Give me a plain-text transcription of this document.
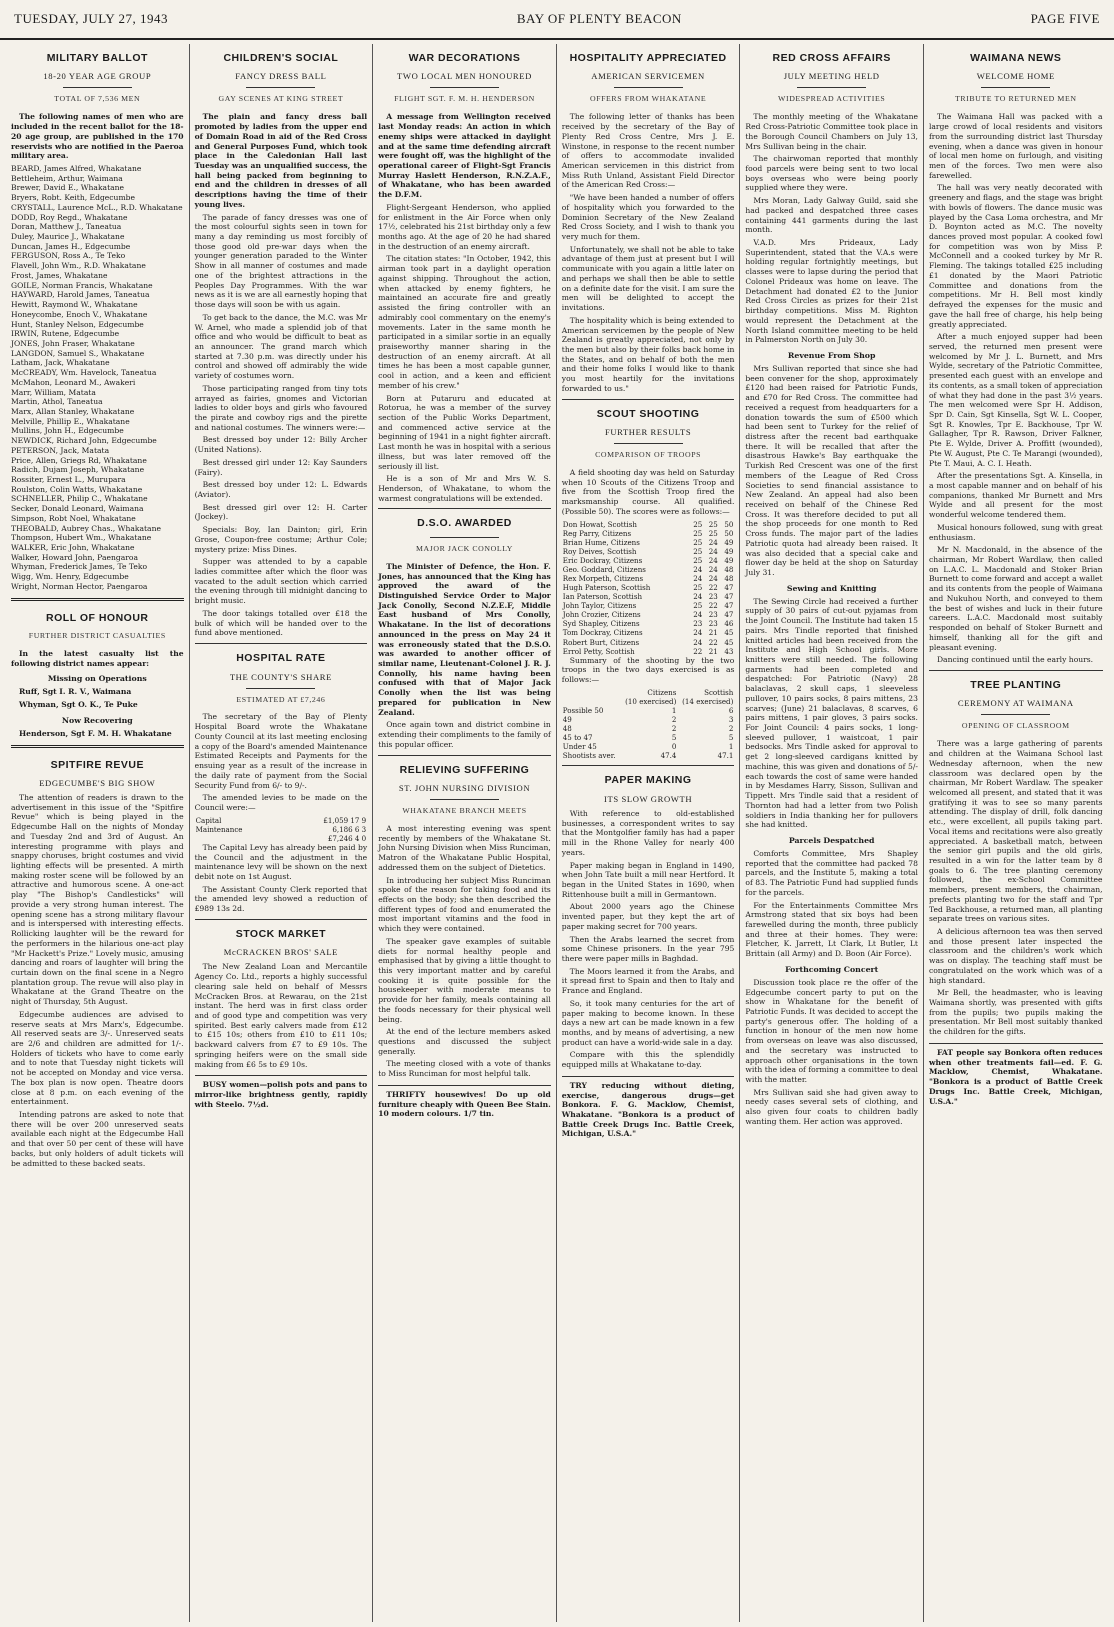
TUESDAY, JULY 27, 1943	BAY OF PLENTY BEACON	PAGE FIVE
MILITARY BALLOT
18-20 YEAR AGE GROUP
TOTAL OF 7,536 MEN

The following names of men who are included in the recent ballot for the 18-20 age group, are published in the 170 reservists who are notified in the Paeroa military area.

BEARD, James Alfred, Whakatane

Bettleheim, Arthur, Waimana

Brewer, David E., Whakatane

Bryers, Robt. Keith, Edgecumbe

CRYSTALL, Laurence McL., R.D. Whakatane

DODD, Roy Regd., Whakatane

Doran, Matthew J., Taneatua

Duley, Maurice J., Whakatane

Duncan, James H., Edgecumbe

FERGUSON, Ross A., Te Teko

Flavell, John Wm., R.D. Whakatane

Frost, James, Whakatane

GOILE, Norman Francis, Whakatane

HAYWARD, Harold James, Taneatua

Hewitt, Raymond W., Whakatane

Honeycombe, Enoch V., Whakatane

Hunt, Stanley Nelson, Edgecumbe

IRWIN, Rutene, Edgecumbe

JONES, John Fraser, Whakatane

LANGDON, Samuel S., Whakatane

Latham, Jack, Whakatane

McCREADY, Wm. Havelock, Taneatua

McMahon, Leonard M., Awakeri

Marr, William, Matata

Martin, Athol, Taneatua

Marx, Allan Stanley, Whakatane

Melville, Phillip E., Whakatane

Mullins, John H., Edgecumbe

NEWDICK, Richard John, Edgecumbe

PETERSON, Jack, Matata

Price, Allen, Griegs Rd, Whakatane

Radich, Dujam Joseph, Whakatane

Rossiter, Ernest L., Murupara

Roulston, Colin Watts, Whakatane

SCHNELLER, Philip C., Whakatane

Secker, Donald Leonard, Waimana

Simpson, Robt Noel, Whakatane

THEOBALD, Aubrey Chas., Whakatane

Thompson, Hubert Wm., Whakatane

WALKER, Eric John, Whakatane

Walker, Howard John, Paengaroa

Whyman, Frederick James, Te Teko

Wigg, Wm. Henry, Edgecumbe

Wright, Norman Hector, Paengaroa

ROLL OF HONOUR
FURTHER DISTRICT CASUALTIES

In the latest casualty list the following district names appear:

Missing on Operations

Ruff, Sgt I. R. V., Waimana

Whyman, Sgt O. K., Te Puke

Now Recovering

Henderson, Sgt F. M. H. Whakatane

SPITFIRE REVUE
EDGECUMBE'S BIG SHOW

The attention of readers is drawn to the advertisement in this issue of the "Spitfire Revue" which is being played in the Edgecumbe Hall on the nights of Monday and Tuesday 2nd and 3rd of August. An interesting programme with plays and snappy choruses, bright costumes and vivid lighting effects will be presented. A mirth making roster scene will be followed by an attractive and humorous scene. A one-act play "The Bishop's Candlesticks" will provide a very strong human interest. The opening scene has a strong military flavour and is interspersed with interesting effects. Rollicking laughter will be the reward for the performers in the hilarious one-act play "Mr Hackett's Prize." Lovely music, amusing dancing and roars of laughter will bring the curtain down on the final scene in a Negro plantation group. The revue will also play in Whakatane at the Grand Theatre on the night of Thursday, 5th August.

Edgecumbe audiences are advised to reserve seats at Mrs Marx's, Edgecumbe. All reserved seats are 3/-. Unreserved seats are 2/6 and children are admitted for 1/-. Holders of tickets who have to come early and to note that Tuesday night tickets will not be accepted on Monday and vice versa. The box plan is now open. Theatre doors close at 8 p.m. on each evening of the entertainment.

Intending patrons are asked to note that there will be over 200 unreserved seats available each night at the Edgecumbe Hall and that over 50 per cent of these will have backs, but only holders of adult tickets will be admitted to these backed seats.

CHILDREN'S SOCIAL
FANCY DRESS BALL
GAY SCENES AT KING STREET

The plain and fancy dress ball promoted by ladies from the upper end of Domain Road in aid of the Red Cross and General Purposes Fund, which took place in the Caledonian Hall last Tuesday was an unqualified success, the hall being packed from beginning to end and the children in dresses of all descriptions having the time of their young lives.

The parade of fancy dresses was one of the most colourful sights seen in town for many a day reminding us most forcibly of those good old pre-war days when the younger generation paraded to the Winter Show in all manner of costumes and made one of the brightest attractions in the Peoples Day Programmes. With the war news as it is we are all earnestly hoping that those days will soon be with us again.

To get back to the dance, the M.C. was Mr W. Arnel, who made a splendid job of that office and who would be difficult to beat as an announcer. The grand march which started at 7.30 p.m. was directly under his control and showed off admirably the wide variety of costumes worn.

Those participating ranged from tiny tots arrayed as fairies, gnomes and Victorian ladies to older boys and girls who favoured the pirate and cowboy rigs and the pirette and national costumes. The winners were:—

Best dressed boy under 12: Billy Archer (United Nations).

Best dressed girl under 12: Kay Saunders (Fairy).

Best dressed boy under 12: L. Edwards (Aviator).

Best dressed girl over 12: H. Carter (Jockey).

Specials: Boy, Ian Dainton; girl, Erin Grose, Coupon-free costume; Arthur Cole; mystery prize: Miss Dines.

Supper was attended to by a capable ladies committee after which the floor was vacated to the adult section which carried the evening through till midnight dancing to bright music.

The door takings totalled over £18 the bulk of which will be handed over to the fund above mentioned.

HOSPITAL RATE
THE COUNTY'S SHARE
ESTIMATED AT £7,246

The secretary of the Bay of Plenty Hospital Board wrote the Whakatane County Council at its last meeting enclosing a copy of the Board's amended Maintenance Estimated Receipts and Payments for the ensuing year as a result of the increase in the daily rate of payment from the Social Security Fund from 6/- to 9/-.

The amended levies to be made on the Council were:—

Capital	£1,059 17 9
Maintenance	6,186 6 3
	£7,246 4 0

The Capital Levy has already been paid by the Council and the adjustment in the maintenance levy will be shown on the next debit note on 1st August.

The Assistant County Clerk reported that the amended levy showed a reduction of £989 13s 2d.

STOCK MARKET
McCRACKEN BROS' SALE

The New Zealand Loan and Mercantile Agency Co. Ltd., reports a highly successful clearing sale held on behalf of Messrs McCracken Bros. at Rewarau, on the 21st instant. The herd was in first class order and of good type and competition was very spirited. Best early calvers made from £12 to £15 10s; others from £10 to £11 10s; backward calvers from £7 to £9 10s. The springing heifers were on the small side making from £6 5s to £9 10s.

BUSY women—polish pots and pans to mirror-like brightness gently, rapidly with Steelo. 7½d.

WAR DECORATIONS
TWO LOCAL MEN HONOURED
FLIGHT SGT. F. M. H. HENDERSON

A message from Wellington received last Monday reads: An action in which enemy ships were attacked in daylight and at the same time defending aircraft were fought off, was the highlight of the operational career of Flight-Sgt Francis Murray Haslett Henderson, R.N.Z.A.F., of Whakatane, who has been awarded the D.F.M.

Flight-Sergeant Henderson, who applied for enlistment in the Air Force when only 17½, celebrated his 21st birthday only a few months ago. At the age of 20 he had shared in the destruction of an enemy aircraft.

The citation states: "In October, 1942, this airman took part in a daylight operation against shipping. Throughout the action, when attacked by enemy fighters, he maintained an accurate fire and greatly assisted the firing controller with an admirably cool commentary on the enemy's movements. Later in the same month he participated in a similar sortie in an equally praiseworthy manner sharing in the destruction of an enemy aircraft. At all times he has been a most capable gunner, cool in action, and a keen and efficient member of his crew."

Born at Putaruru and educated at Rotorua, he was a member of the survey section of the Public Works Department, and commenced active service at the beginning of 1941 in a night fighter aircraft. Last month he was in hospital with a serious illness, but was later removed off the seriously ill list.

He is a son of Mr and Mrs W. S. Henderson, of Whakatane, to whom the warmest congratulations will be extended.

D.S.O. AWARDED
MAJOR JACK CONOLLY

The Minister of Defence, the Hon. F. Jones, has announced that the King has approved the award of the Distinguished Service Order to Major Jack Conolly, Second N.Z.E.F, Middle East husband of Mrs Conolly, Whakatane. In the list of decorations announced in the press on May 24 it was erroneously stated that the D.S.O. was awarded to another officer of similar name, Lieutenant-Colonel J. R. J. Connolly, his name having been confused with that of Major Jack Conolly when the list was being prepared for publication in New Zealand.

Once again town and district combine in extending their compliments to the family of this popular officer.

RELIEVING SUFFERING
ST. JOHN NURSING DIVISION
WHAKATANE BRANCH MEETS

A most interesting evening was spent recently by members of the Whakatane St. John Nursing Division when Miss Runciman, Matron of the Whakatane Public Hospital, addressed them on the subject of Dietetics.

In introducing her subject Miss Runciman spoke of the reason for taking food and its effects on the body; she then described the different types of food and enumerated the most important vitamins and the food in which they were contained.

The speaker gave examples of suitable diets for normal healthy people and emphasised that by giving a little thought to this very important matter and by careful cooking it is quite possible for the housekeeper with moderate means to provide for her family, meals containing all the foods necessary for their physical well being.

At the end of the lecture members asked questions and discussed the subject generally.

The meeting closed with a vote of thanks to Miss Runciman for most helpful talk.

THRIFTY housewives! Do up old furniture cheaply with Queen Bee Stain. 10 modern colours. 1/7 tin.

HOSPITALITY APPRECIATED
AMERICAN SERVICEMEN
OFFERS FROM WHAKATANE

The following letter of thanks has been received by the secretary of the Bay of Plenty Red Cross Centre, Mrs J. E. Winstone, in response to the recent number of offers to accommodate invalided American servicemen in this district from Miss Ruth Unland, Assistant Field Director of the American Red Cross:—

"We have been handed a number of offers of hospitality which you forwarded to the Dominion Secretary of the New Zealand Red Cross Society, and I wish to thank you very much for them.

Unfortunately, we shall not be able to take advantage of them just at present but I will communicate with you again a little later on and perhaps we shall then be able to settle on a definite date for the visit. I am sure the men will be delighted to accept the invitations.

The hospitality which is being extended to American servicemen by the people of New Zealand is greatly appreciated, not only by the men but also by their folks back home in the States, and on behalf of both the men and their home folks I would like to thank you most heartily for the invitations forwarded to us."

SCOUT SHOOTING
FURTHER RESULTS
COMPARISON OF TROOPS

A field shooting day was held on Saturday when 10 Scouts of the Citizens Troop and five from the Scottish Troop fired the marksmanship course. All qualified. (Possible 50). The scores were as follows:—

Don Howat, Scottish	25	25	50
Reg Parry, Citizens	25	25	50
Brian Hume, Citizens	25	24	49
Roy Deives, Scottish	25	24	49
Eric Dockray, Citizens	25	24	49
Geo. Goddard, Citizens	24	24	48
Rex Morpeth, Citizens	24	24	48
Hugh Paterson, Scottish	25	22	47
Ian Paterson, Scottish	24	23	47
John Taylor, Citizens	25	22	47
John Crozier, Citizens	24	23	47
Syd Shapley, Citizens	23	23	46
Tom Dockray, Citizens	24	21	45
Robert Burt, Citizens	24	22	45
Errol Petty, Scottish	22	21	43

Summary of the shooting by the two troops in the two days exercised is as follows:—

	Citizens	Scottish
	(10 exercised)	(14 exercised)
Possible 50	1	6
49	2	3
48	2	2
45 to 47	5	5
Under 45	0	1
Shootists aver.	47.4	47.1
PAPER MAKING
ITS SLOW GROWTH

With reference to old-established businesses, a correspondent writes to say that the Montgolfier family has had a paper mill in the Rhone Valley for nearly 400 years.

Paper making began in England in 1490, when John Tate built a mill near Hertford. It began in the United States in 1690, when Rittenhouse built a mill in Germantown.

About 2000 years ago the Chinese invented paper, but they kept the art of paper making secret for 700 years.

Then the Arabs learned the secret from some Chinese prisoners. In the year 795 there were paper mills in Baghdad.

The Moors learned it from the Arabs, and it spread first to Spain and then to Italy and France and England.

So, it took many centuries for the art of paper making to become known. In these days a new art can be made known in a few months, and by means of advertising, a new product can have a world-wide sale in a day.

Compare with this the splendidly equipped mills at Whakatane to-day.

TRY reducing without dieting, exercise, dangerous drugs—get Bonkora. F. G. Macklow, Chemist, Whakatane. "Bonkora is a product of Battle Creek Drugs Inc. Battle Creek, Michigan, U.S.A."

RED CROSS AFFAIRS
JULY MEETING HELD
WIDESPREAD ACTIVITIES

The monthly meeting of the Whakatane Red Cross-Patriotic Committee took place in the Borough Council Chambers on July 13, Mrs Sullivan being in the chair.

The chairwoman reported that monthly food parcels were being sent to two local boys overseas who were being poorly supplied where they were.

Mrs Moran, Lady Galway Guild, said she had packed and despatched three cases containing 441 garments during the last month.

V.A.D. Mrs Prideaux, Lady Superintendent, stated that the V.A.s were holding regular fortnightly meetings, but classes were to lapse during the period that Colonel Prideaux was home on leave. The Detachment had donated £2 to the Junior Red Cross Circles as prizes for their 21st birthday competitions. Miss M. Righton would represent the Detachment at the North Island committee meeting to be held in Palmerston North on July 30.

Revenue From Shop

Mrs Sullivan reported that since she had been convener for the shop, approximately £120 had been raised for Patriotic Funds, and £70 for Red Cross. The committee had received a request from headquarters for a donation towards the sum of £500 which had been sent to Turkey for the relief of distress after the recent bad earthquake there. It will be recalled that after the disastrous Hawke's Bay earthquake the Turkish Red Crescent was one of the first members of the League of Red Cross Societies to send financial assistance to New Zealand. An appeal had also been received on behalf of the Chinese Red Cross. It was therefore decided to put all the shop proceeds for one month to Red Cross funds. The major part of the ladies Patriotic quota had already been raised. It was also decided that a special cake and flower day be held at the shop on Saturday July 31.

Sewing and Knitting

The Sewing Circle had received a further supply of 30 pairs of cut-out pyjamas from the Joint Council. The Institute had taken 15 pairs. Mrs Tindle reported that finished knitted articles had been received from the Institute and High School girls. More knitters were still needed. The following garments had been completed and despatched: For Patriotic (Navy) 28 balaclavas, 2 skull caps, 1 sleeveless pullover, 10 pairs socks, 8 pairs mittens, 23 scarves; (June) 21 balaclavas, 8 scarves, 6 pairs mittens, 1 pair gloves, 3 pairs socks. For Joint Council: 4 pairs socks, 1 long-sleeved pullover, 1 waistcoat, 1 pair bedsocks. Mrs Tindle asked for approval to get 2 long-sleeved cardigans knitted by machine, this was given and donations of 5/- each towards the cost of same were handed in by Mesdames Harry, Sisson, Sullivan and Tippett. Mrs Tindle said that a resident of Thornton had had a letter from two Polish soldiers in India thanking her for pullovers she had knitted.

Parcels Despatched

Comforts Committee, Mrs Shapley reported that the committee had packed 78 parcels, and the Institute 5, making a total of 83. The Patriotic Fund had supplied funds for the parcels.

For the Entertainments Committee Mrs Armstrong stated that six boys had been farewelled during the month, three publicly and three at their homes. They were: Fletcher, K. Jarrett, Lt Clark, Lt Butler, Lt Brittain (all Army) and D. Boon (Air Force).

Forthcoming Concert

Discussion took place re the offer of the Edgecumbe concert party to put on the show in Whakatane for the benefit of Patriotic Funds. It was decided to accept the party's generous offer. The holding of a function in honour of the men now home from overseas on leave was also discussed, and the secretary was instructed to approach other organisations in the town with the idea of forming a committee to deal with the matter.

Mrs Sullivan said she had given away to needy cases several sets of clothing, and also given four coats to children badly wanting them. Her action was approved.

WAIMANA NEWS
WELCOME HOME
TRIBUTE TO RETURNED MEN

The Waimana Hall was packed with a large crowd of local residents and visitors from the surrounding district last Thursday evening, when a dance was given in honour of local men home on furlough, and visiting men of the forces. Two men were also farewelled.

The hall was very neatly decorated with greenery and flags, and the stage was bright with bowls of flowers. The dance music was played by the Casa Loma orchestra, and Mr D. Boynton acted as M.C. The novelty dances proved most popular. A cooked fowl for competition was won by Miss P. McConnell and a cooked turkey by Mr R. Fleming. The takings totalled £25 including £1 donated by the Maori Patriotic Committee and donations from the competitions. Mr H. Bell most kindly defrayed the expenses for the music and gave the hall free of charge, his help being greatly appreciated.

After a much enjoyed supper had been served, the returned men present were welcomed by Mr J. L. Burnett, and Mrs Wylde, secretary of the Patriotic Committee, presented each guest with an envelope and its contents, as a small token of appreciation of what they had done in the past 3½ years. The men welcomed were Spr H. Addison, Spr D. Cain, Sgt Kinsella, Sgt W. L. Cooper, Sgt R. Knowles, Tpr E. Backhouse, Tpr W. Gallagher, Tpr R. Rawson, Driver Falkner, Pte E. Wylde, Driver A. Proffitt (wounded), Pte W. August, Pte C. Te Marangi (wounded), Pte T. Maui, A. C. I. Heath.

After the presentations Sgt. A. Kinsella, in a most capable manner and on behalf of his companions, thanked Mr Burnett and Mrs Wylde and all present for the most wonderful welcome tendered them.

Musical honours followed, sung with great enthusiasm.

Mr N. Macdonald, in the absence of the chairman, Mr Robert Wardlaw, then called on L.A.C. L. Macdonald and Stoker Brian Burnett to come forward and accept a wallet and its contents from the people of Waimana and Nukuhou North, and conveyed to them the best of wishes and luck in their future careers. L.A.C. Macdonald most suitably responded on behalf of Stoker Burnett and himself, thanking all for the gift and pleasant evening.

Dancing continued until the early hours.

TREE PLANTING
CEREMONY AT WAIMANA
OPENING OF CLASSROOM

There was a large gathering of parents and children at the Waimana School last Wednesday afternoon, when the new classroom was declared open by the chairman, Mr Robert Wardlaw. The speaker welcomed all present, and stated that it was gratifying it was to see so many parents attending. The display of drill, folk dancing etc., were excellent, all pupils taking part. Vocal items and recitations were also greatly appreciated. A basketball match, between the senior girl pupils and the old girls, resulted in a win for the latter team by 8 goals to 6. The tree planting ceremony followed, the ex-School Committee members, present members, the chairman, prefects planting two for the staff and Tpr Ted Backhouse, a returned man, all planting separate trees on various sites.

A delicious afternoon tea was then served and those present later inspected the classroom and the children's work which was on display. The teaching staff must be congratulated on the work which was of a high standard.

Mr Bell, the headmaster, who is leaving Waimana shortly, was presented with gifts from the pupils; two pupils making the presentation. Mr Bell most suitably thanked the children for the gifts.

FAT people say Bonkora often reduces when other treatments fail—ed. F. G. Macklow, Chemist, Whakatane. "Bonkora is a product of Battle Creek Drugs Inc. Battle Creek, Michigan, U.S.A."
